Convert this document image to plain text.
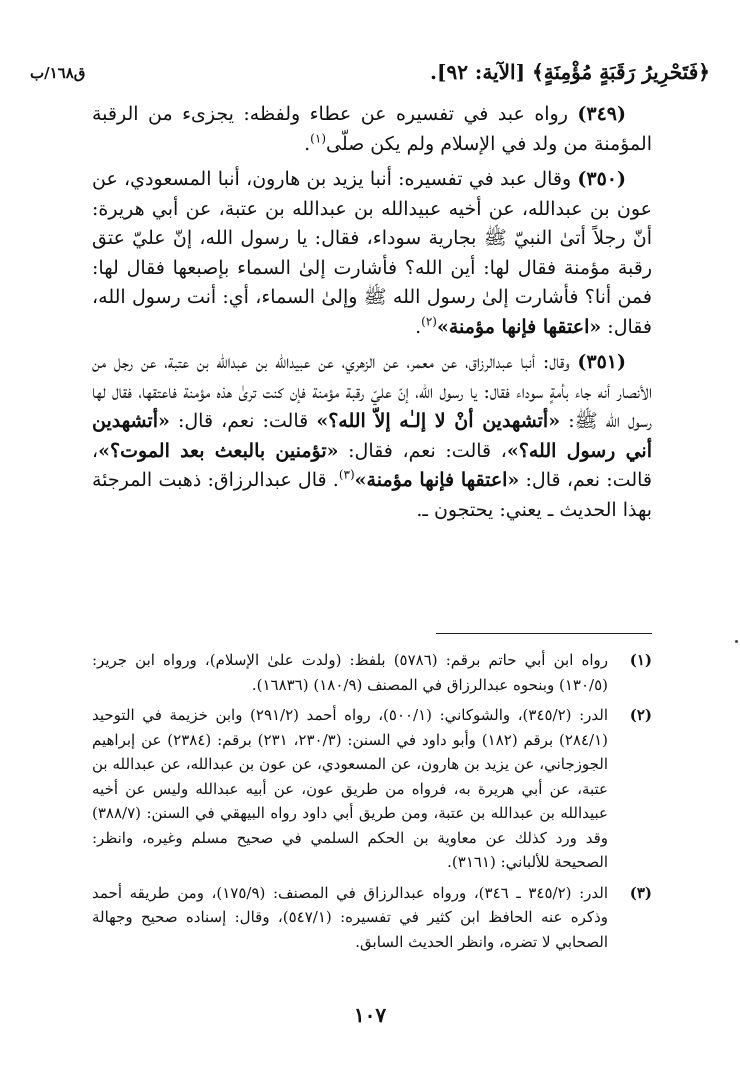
﴿فَتَحْرِيرُ رَقَبَةٍ مُؤْمِنَةٍ﴾ [الآية: ٩٢].
ق١٦٨/ب

(٣٤٩) رواه عبد في تفسيره عن عطاء ولفظه: يجزىء من الرقبة المؤمنة من ولد في الإسلام ولم يكن صلّى$^{(١)}$.

(٣٥٠) وقال عبد في تفسيره: أنبا يزيد بن هارون، أنبا المسعودي، عن عون بن عبدالله، عن أخيه عبيدالله بن عبدالله بن عتبة، عن أبي هريرة: أنّ رجلاً أتىٰ النبيّ ﷺ بجارية سوداء، فقال: يا رسول الله، إنّ عليّ عتق رقبة مؤمنة فقال لها: أين الله؟ فأشارت إلىٰ السماء بإصبعها فقال لها: فمن أنا؟ فأشارت إلىٰ رسول الله ﷺ وإلىٰ السماء، أي: أنت رسول الله، فقال: «اعتقها فإنها مؤمنة»$^{(٢)}$.

(٣٥١) وقال: أنبا عبدالرزاق، عن معمر، عن الزهري، عن عبيدالله بن عبدالله بن عتبة، عن رجل من الأنصار أنه جاء بأمةٍ سوداء فقال: يا رسول الله، إنّ عليّ رقبة مؤمنة فإن كنت ترىٰ هذه مؤمنة فاعتقها، فقال لها رسول الله ﷺ: «أتشهدين أنْ لا إلـٰه إلاّ الله؟» قالت: نعم، قال: «أتشهدين أني رسول الله؟»، قالت: نعم، فقال: «تؤمنين بالبعث بعد الموت؟»، قالت: نعم، قال: «اعتقها فإنها مؤمنة»$^{(٣)}$. قال عبدالرزاق: ذهبت المرجئة بهذا الحديث ـ يعني: يحتجون ـ.

(١)
رواه ابن أبي حاتم برقم: (٥٧٨٦) بلفظ: (ولدت علىٰ الإسلام)، ورواه ابن جرير: (١٣٠/٥) وبنحوه عبدالرزاق في المصنف (١٨٠/٩) (١٦٨٣٦).
(٢)
الدر: (٣٤٥/٢)، والشوكاني: (٥٠٠/١)، رواه أحمد (٢٩١/٢) وابن خزيمة في التوحيد (٢٨٤/١) برقم (١٨٢) وأبو داود في السنن: (٢٣٠/٣، ٢٣١) برقم: (٢٣٨٤) عن إبراهيم الجوزجاني، عن يزيد بن هارون، عن المسعودي، عن عون بن عبدالله، عن عبدالله بن عتبة، عن أبي هريرة به، فرواه من طريق عون، عن أبيه عبدالله وليس عن أخيه عبيدالله بن عبدالله بن عتبة، ومن طريق أبي داود رواه البيهقي في السنن: (٣٨٨/٧) وقد ورد كذلك عن معاوية بن الحكم السلمي في صحيح مسلم وغيره، وانظر: الصحيحة للألباني: (٣١٦١).
(٣)
الدر: (٣٤٥/٢ ـ ٣٤٦)، ورواه عبدالرزاق في المصنف: (١٧٥/٩)، ومن طريقه أحمد وذكره عنه الحافظ ابن كثير في تفسيره: (٥٤٧/١)، وقال: إسناده صحيح وجهالة الصحابي لا تضره، وانظر الحديث السابق.
١٠٧
